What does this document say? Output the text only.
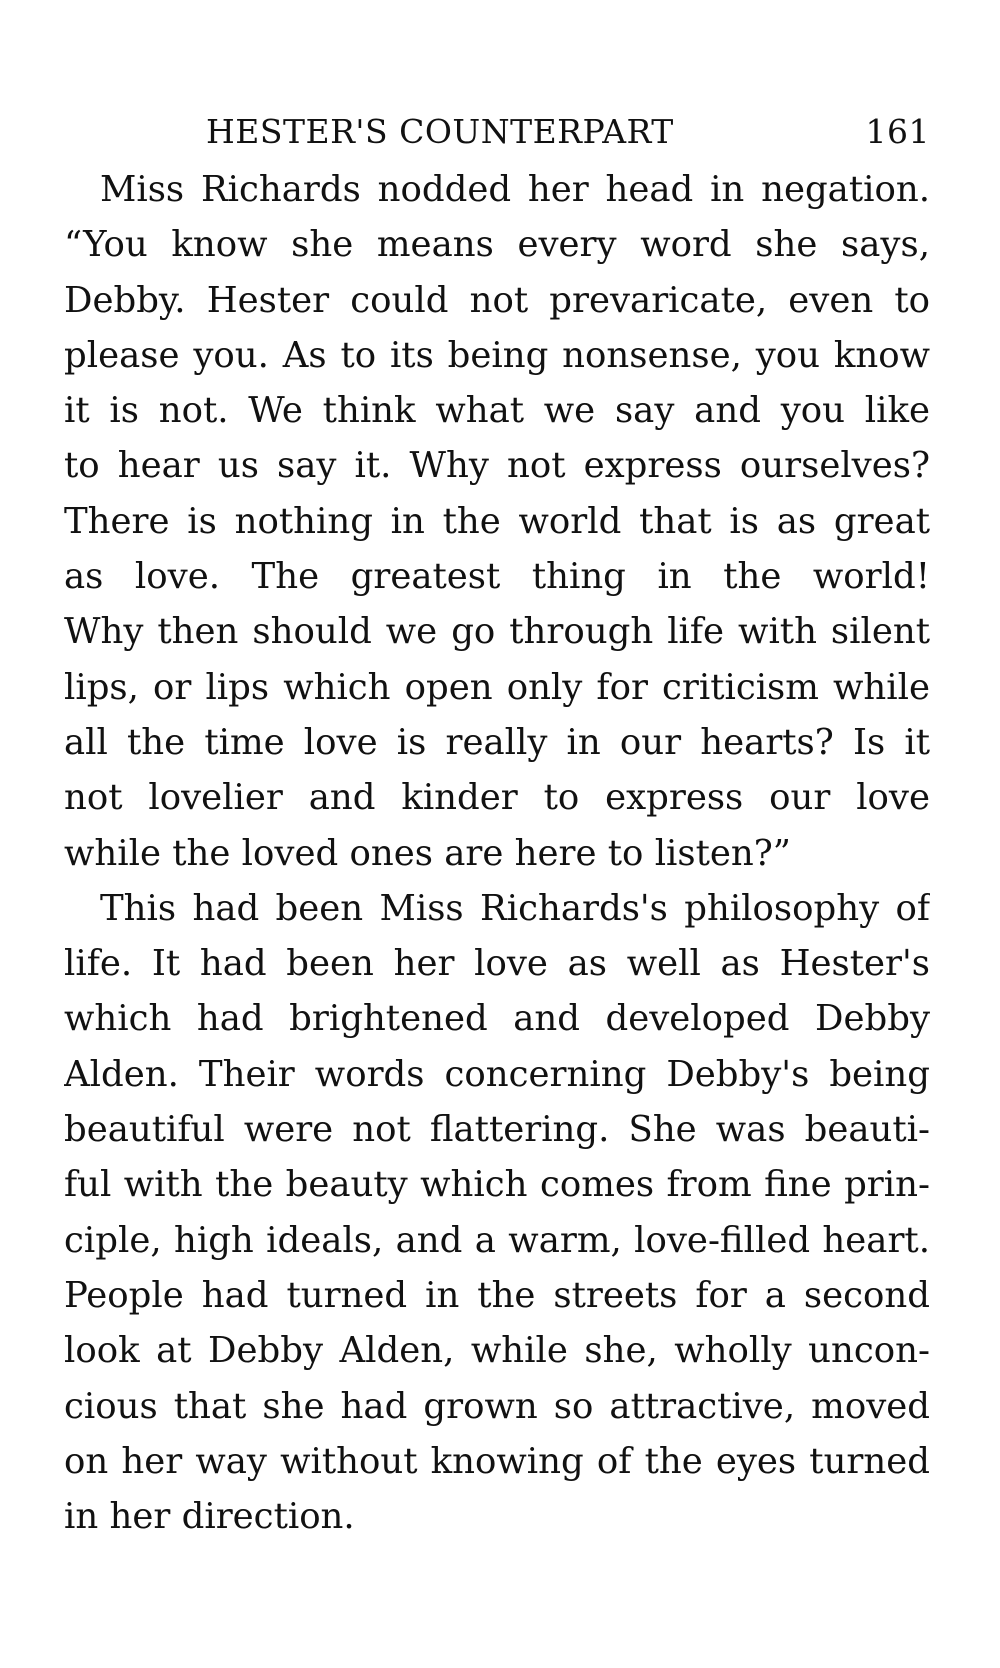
HESTER'S COUNTERPART	161
Miss Richards nodded her head in negation.
“You know she means every word she says,
Debby. Hester could not prevaricate, even to
please you. As to its being nonsense, you know
it is not. We think what we say and you like
to hear us say it. Why not express ourselves?
There is nothing in the world that is as great
as love. The greatest thing in the world!
Why then should we go through life with silent
lips, or lips which open only for criticism while
all the time love is really in our hearts? Is it
not lovelier and kinder to express our love
while the loved ones are here to listen?”
This had been Miss Richards's philosophy of
life. It had been her love as well as Hester's
which had brightened and developed Debby
Alden. Their words concerning Debby's being
beautiful were not flattering. She was beauti-
ful with the beauty which comes from fine prin-
ciple, high ideals, and a warm, love-filled heart.
People had turned in the streets for a second
look at Debby Alden, while she, wholly uncon-
cious that she had grown so attractive, moved
on her way without knowing of the eyes turned
in her direction.
